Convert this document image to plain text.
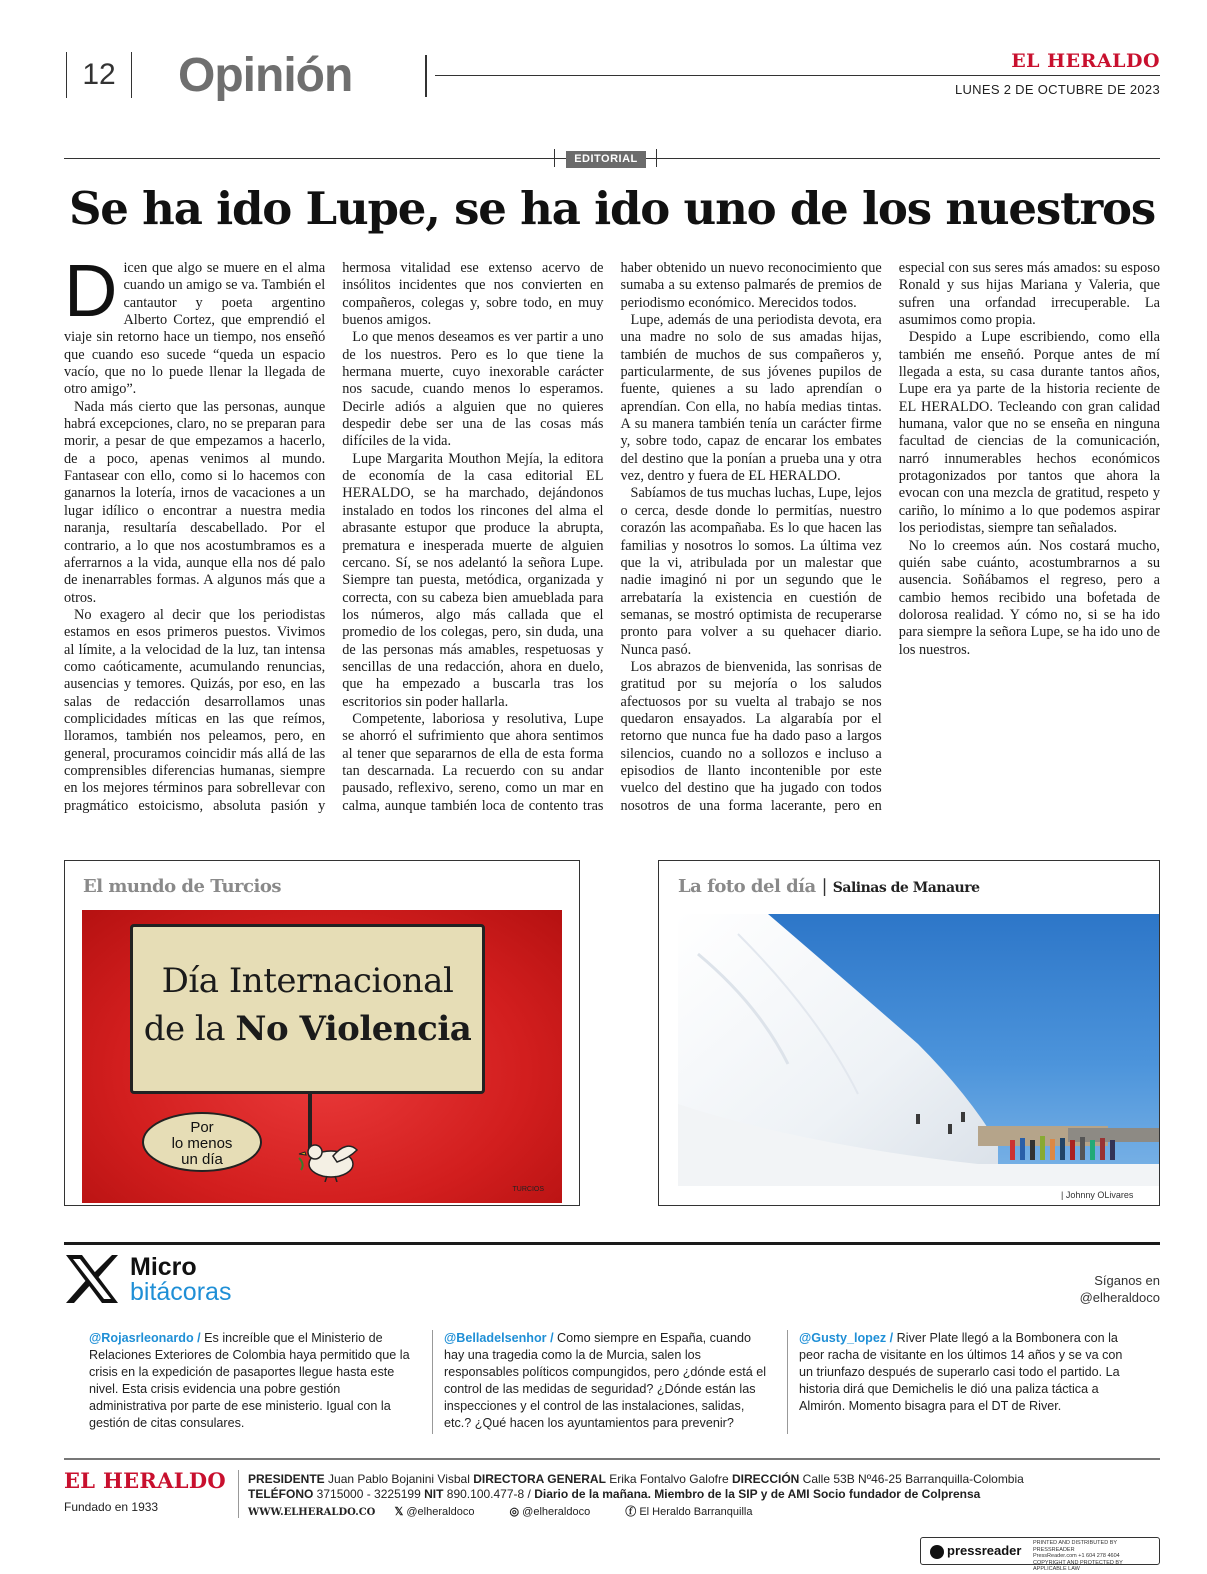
12	Opinión	EL HERALDO
LUNES 2 DE OCTUBRE DE 2023
EDITORIAL
Se ha ido Lupe, se ha ido uno de los nuestros

Dicen que algo se muere en el alma cuando un amigo se va. También el cantautor y poeta argentino Alberto Cortez, que emprendió el viaje sin retorno hace un tiempo, nos enseñó que cuando eso sucede “queda un espacio vacío, que no lo puede llenar la llegada de otro amigo”.

Nada más cierto que las personas, aunque habrá excepciones, claro, no se preparan para morir, a pesar de que empezamos a hacerlo, de a poco, apenas venimos al mundo. Fantasear con ello, como si lo hacemos con ganarnos la lotería, irnos de vacaciones a un lugar idílico o encontrar a nuestra media naranja, resultaría descabellado. Por el contrario, a lo que nos acostumbramos es a aferrarnos a la vida, aunque ella nos dé palo de inenarrables formas. A algunos más que a otros.

No exagero al decir que los periodistas estamos en esos primeros puestos. Vivimos al límite, a la velocidad de la luz, tan intensa como caóticamente, acumulando renuncias, ausencias y temores. Quizás, por eso, en las salas de redacción desarrollamos unas complicidades míticas en las que reímos, lloramos, también nos peleamos, pero, en general, procuramos coincidir más allá de las comprensibles diferencias humanas, siempre en los mejores términos para sobrellevar con pragmático estoicismo, absoluta pasión y hermosa vitalidad ese extenso acervo de insólitos incidentes que nos convierten en compañeros, colegas y, sobre todo, en muy buenos amigos.

Lo que menos deseamos es ver partir a uno de los nuestros. Pero es lo que tiene la hermana muerte, cuyo inexorable carácter nos sacude, cuando menos lo esperamos. Decirle adiós a alguien que no quieres despedir debe ser una de las cosas más difíciles de la vida.

Lupe Margarita Mouthon Mejía, la editora de economía de la casa editorial EL HERALDO, se ha marchado, dejándonos instalado en todos los rincones del alma el abrasante estupor que produce la abrupta, prematura e inesperada muerte de alguien cercano. Sí, se nos adelantó la señora Lupe. Siempre tan puesta, metódica, organizada y correcta, con su cabeza bien amueblada para los números, algo más callada que el promedio de los colegas, pero, sin duda, una de las personas más amables, respetuosas y sencillas de una redacción, ahora en duelo, que ha empezado a buscarla tras los escritorios sin poder hallarla.

Competente, laboriosa y resolutiva, Lupe se ahorró el sufrimiento que ahora sentimos al tener que separarnos de ella de esta forma tan descarnada. La recuerdo con su andar pausado, reflexivo, sereno, como un mar en calma, aunque también loca de contento tras haber obtenido un nuevo reconocimiento que sumaba a su extenso palmarés de premios de periodismo económico. Merecidos todos.

Lupe, además de una periodista devota, era una madre no solo de sus amadas hijas, también de muchos de sus compañeros y, particularmente, de sus jóvenes pupilos de fuente, quienes a su lado aprendían o aprendían. Con ella, no había medias tintas. A su manera también tenía un carácter firme y, sobre todo, capaz de encarar los embates del destino que la ponían a prueba una y otra vez, dentro y fuera de EL HERALDO.

Sabíamos de tus muchas luchas, Lupe, lejos o cerca, desde donde lo permitías, nuestro corazón las acompañaba. Es lo que hacen las familias y nosotros lo somos. La última vez que la vi, atribulada por un malestar que nadie imaginó ni por un segundo que le arrebataría la existencia en cuestión de semanas, se mostró optimista de recuperarse pronto para volver a su quehacer diario. Nunca pasó.

Los abrazos de bienvenida, las sonrisas de gratitud por su mejoría o los saludos afectuosos por su vuelta al trabajo se nos quedaron ensayados. La algarabía por el retorno que nunca fue ha dado paso a largos silencios, cuando no a sollozos e incluso a episodios de llanto incontenible por este vuelco del destino que ha jugado con todos nosotros de una forma lacerante, pero en especial con sus seres más amados: su esposo Ronald y sus hijas Mariana y Valeria, que sufren una orfandad irrecuperable. La asumimos como propia.

Despido a Lupe escribiendo, como ella también me enseñó. Porque antes de mí llegada a esta, su casa durante tantos años, Lupe era ya parte de la historia reciente de EL HERALDO. Tecleando con gran calidad humana, valor que no se enseña en ninguna facultad de ciencias de la comunicación, narró innumerables hechos económicos protagonizados por tantos que ahora la evocan con una mezcla de gratitud, respeto y cariño, lo mínimo a lo que podemos aspirar los periodistas, siempre tan señalados.

No lo creemos aún. Nos costará mucho, quién sabe cuánto, acostumbrarnos a su ausencia. Soñábamos el regreso, pero a cambio hemos recibido una bofetada de dolorosa realidad. Y cómo no, si se ha ido para siempre la señora Lupe, se ha ido uno de los nuestros.

El mundo de Turcios
Día Internacional
de la No Violencia
Por
lo menos
un día
TURCIOS
La foto del día | Salinas de Manaure
| Johnny OLivares
Micro
bitácoras	Síganos en
@elheraldoco
@Rojasrleonardo / Es increíble que el Ministerio de Relaciones Exteriores de Colombia haya permitido que la crisis en la expedición de pasaportes llegue hasta este nivel. Esta crisis evidencia una pobre gestión administrativa por parte de ese ministerio. Igual con la gestión de citas consulares.
@Belladelsenhor / Como siempre en España, cuando hay una tragedia como la de Murcia, salen los responsables políticos compungidos, pero ¿dónde está el control de las medidas de seguridad? ¿Dónde están las inspecciones y el control de las instalaciones, salidas, etc.? ¿Qué hacen los ayuntamientos para prevenir?
@Gusty_lopez / River Plate llegó a la Bombonera con la peor racha de visitante en los últimos 14 años y se va con un triunfazo después de superarlo casi todo el partido. La historia dirá que Demichelis le dió una paliza táctica a Almirón. Momento bisagra para el DT de River.
EL HERALDO
Fundado en 1933
PRESIDENTE Juan Pablo Bojanini Visbal DIRECTORA GENERAL Erika Fontalvo Galofre DIRECCIÓN Calle 53B Nº46-25 Barranquilla-Colombia
TELÉFONO 3715000 - 3225199 NIT 890.100.477-8 / Diario de la mañana. Miembro de la SIP y de AMI Socio fundador de Colprensa
WWW.ELHERALDO.CO 𝕏 @elheraldoco	◎ @elheraldoco	ⓕ El Heraldo Barranquilla
pressreader PRINTED AND DISTRIBUTED BY PRESSREADER
PressReader.com +1 604 278 4604
COPYRIGHT AND PROTECTED BY APPLICABLE LAW
